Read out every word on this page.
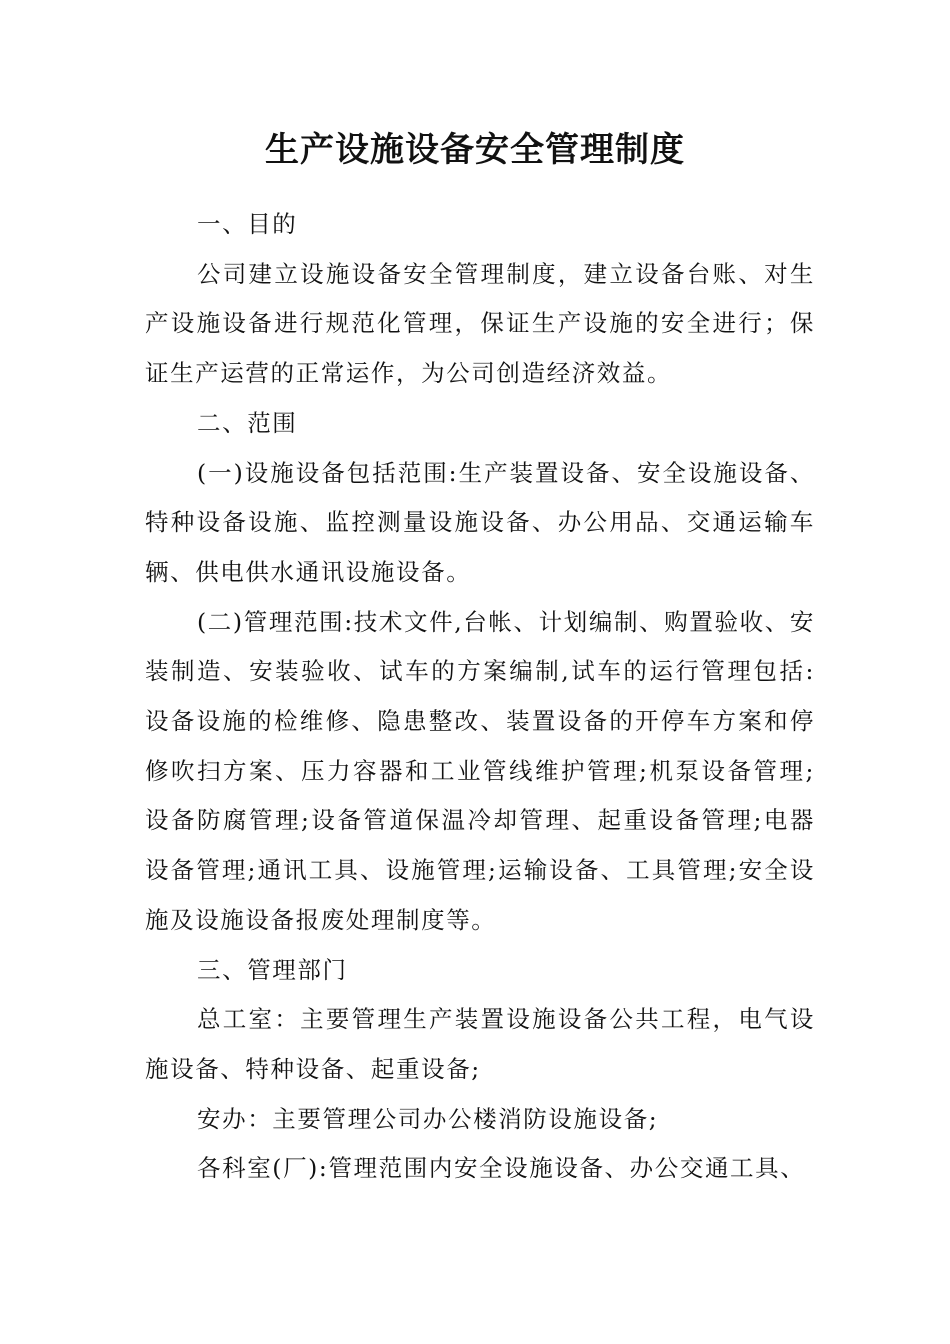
生产设施设备安全管理制度

一、目的

公司建立设施设备安全管理制度，建立设备台账、对生产设施设备进行规范化管理，保证生产设施的安全进行；保证生产运营的正常运作，为公司创造经济效益。

二、范围

(一)设施设备包括范围:生产装置设备、安全设施设备、特种设备设施、监控测量设施设备、办公用品、交通运输车辆、供电供水通讯设施设备。

(二)管理范围:技术文件,台帐、计划编制、购置验收、安装制造、安装验收、试车的方案编制,试车的运行管理包括:设备设施的检维修、隐患整改、装置设备的开停车方案和停修吹扫方案、压力容器和工业管线维护管理;机泵设备管理;设备防腐管理;设备管道保温冷却管理、起重设备管理;电器设备管理;通讯工具、设施管理;运输设备、工具管理;安全设施及设施设备报废处理制度等。

三、管理部门

总工室：主要管理生产装置设施设备公共工程，电气设施设备、特种设备、起重设备;

安办：主要管理公司办公楼消防设施设备;

各科室(厂):管理范围内安全设施设备、办公交通工具、
